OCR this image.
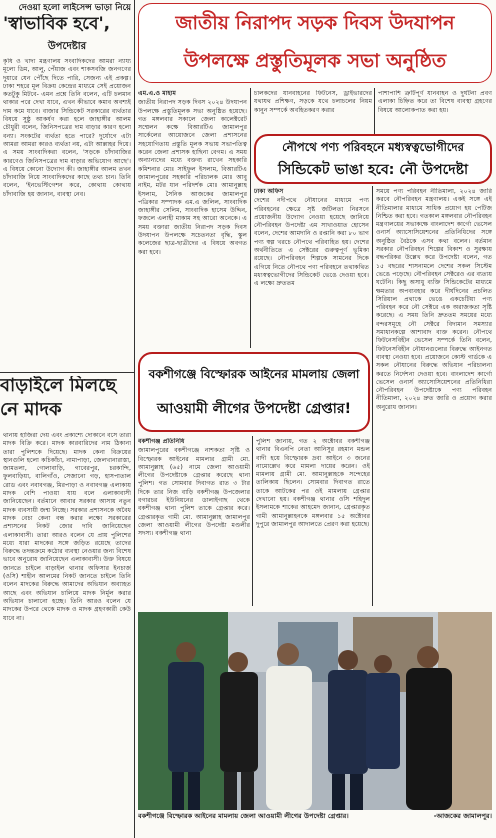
দেওয়া হলো লাইসেন্স ভাড়া নিয়ে
'স্বাভাবিক হবে',
উপদেষ্টার
কৃষি ও খাদ্য মন্ত্রণালয় সংবাদিকদের আমরা ন্যায্য মূল্যে ডিম, আলু, পেঁয়াজ এবং শাকসবজি জনগণের দুয়ারে যেন পৌঁছে দিতে পারি, সেজন্য এই প্রকল্প। ঢাকা শহরে মূল বিক্রয় কেন্দ্রের মাধ্যমে সেই প্রয়োজন কতটুকু মিটবে- এমন প্রশ্নে তিনি বলেন, এটি চলমান থাকার পরে দেখা যাবে, এখন কীভাবে কমাব অবশ্যই দাম কমে যাবে। বাজার সিন্ডিকেট সরকারের ব্যর্থতার বিষয়ে সুষ্ঠু আকর্ষণ করা হলে জাহাঙ্গীর আলম চৌধুরী বলেন, জিনিসপত্রের দাম বাড়ার কারণ হলো বন্যা। সংকটের ব্যর্থতা হতে পারে? দুর্যোগে এটা আমরা আমরা কারও ব্যর্থতা নয়, এটা আল্লাহর দিয়ে। এ সময় সাংবাদিকরা বলেন, 'সড়কে চাঁদাবাজির কারণেও জিনিসপত্রের দাম বাড়ার অভিযোগ আছে'। এ বিষয়ে কোনো উদ্যোগ কী। জাহাঙ্গীর আলম তখন চাঁদাবাজি নিয়ে সাংবাদিকদের কাছে তথ্য চান। তিনি বলেন, 'ইনভেস্টিগেশন করে, কোথায় কোথায় চাঁদাবাজি হয় জানান, ব্যবস্থা নেব।
বাড়াইলে মিলছে
নে মাদক
থানায় হাজিরা দেয় এবং প্রকাশ্যে দোকানে বসে তারা মাদক বিক্রি করে। মাদক কারবারিদের নাম ঠিকানা তারা পুলিশকে দিয়েছে। মাদক কেনা বিক্রয়ের স্থানগুলি হলো কচিকাঁচা, নামাপাড়া, জেলখানারাস্তা, জামতলা, গোলাবাড়ি, গাবেরপুর, চরকান্দি, ফুলবাড়িয়া, বালিগাঁও, সেজানো গড়, হাসপাতাল রোড এবং নবাবগঞ্জ, মিরপাড়া ও নবাবগঞ্জ এলাকায় মাদক বেশি পাওয়া যায় বলে এলাকাবাসী জানিয়েছেন। বর্তমানে আবার সরকার আসায় নতুন মাদক ব্যবসায়ী জন্ম নিচ্ছে। সরকার প্রশাসনকে অবৈধ মাদক বেচা কেনা বন্ধ করার লক্ষ্যে সরকারের প্রশাসনের নিকট জোর দাবি জানিয়েছেন এলাকাবাসী। তারা আরও বলেন যে প্রায় পুলিশের মধ্যে যারা মাদকের সঙ্গে জড়িত রয়েছে তাদের বিরুদ্ধে তদন্তক্রমে কঠোর ব্যবস্থা নেওয়ার জন্য বিশেষ ভাবে অনুরোধ জানিয়েছেন এলাকাবাসী। উক্ত বিষয়ে জানতে চাইলে বাড়াইল থানার অফিসার ইনচার্জ (ওসি) শাহীন আলমের নিকট জানতে চাইলে তিনি বলেন মাদকের বিরুদ্ধে আমাদের অভিযান অব্যাহত আছে এবং অভিযান চালিয়ে মাদক নির্মূল করার অভিযান চালানো হচ্ছে। তিনি আরও বলেন যে মাদকের উপরে থেকে মাদক ও মাদক গ্রহণকারী কেউ যাবে না।
জাতীয় নিরাপদ সড়ক দিবস উদযাপন
উপলক্ষে প্রস্তুতিমূলক সভা অনুষ্ঠিত

এম.এ.ও মাহাম

জাতীয় নিরাপদ সড়ক দিবস ২০২৪ উদযাপন উপলক্ষে প্রস্তুতিমূলক সভা অনুষ্ঠিত হয়েছে। গত মঙ্গলবার সকালে জেলা কালেক্টরেট সম্মেলন কক্ষে বিআরটিএ জামালপুর সার্কেলের আয়োজনে জেলা প্রশাসনের সহযোগিতায় প্রস্তুতি মূলক সভায় সভাপতিত্ব করেন জেলা প্রশাসক হাছিনা বেগম। এ সময় অন্যান্যদের মধ্যে বক্তব্য রাখেন সহকারি কমিশনার মোঃ সাইফুল ইসলাম, বিআরটিএ জামালপুরের সহকারি পরিচালক মোঃ আবু নাইম, মটর যান পরিদর্শক মোঃ আমানুল্লাহ ইসলাম, সৈনিক আজকের জামালপুর পত্রিকার সম্পাদক এম.এ জলিল, সাংবাদিক জাহাঙ্গীর সেলিম, সাংবাদিক হাসেম উদ্দিন, ফজলে এলাহী মাকাম সহ আরো অনেকে। এ সময় বক্তারা জাতীয় নিরাপদ সড়ক দিবস উদযাপন উপলক্ষে সচেতনতা বৃদ্ধি, স্কুল কলেজের ছাত্র-ছাত্রীদের এ বিষয়ে অবগত করা হবে।

চালকদের যানবাহনের ফিটনেস, ড্রাইভারদের যথাযথ প্রশিক্ষণ, সড়কে যথে চলাচলের নিয়ম কানুন সম্পর্কে অবহিতকরণ করার
পাশাপাশি ত্রুটিপূর্ণ যানবাহন ও দুর্ঘটনা প্রবণ এলাকা চিহ্নিত করে তা বিশেষ ব্যবস্থা গ্রহণের বিষয়ে আলোকপাত করা হয়।
নৌপথে পণ্য পরিবহনে মধ্যস্বত্বভোগীদের
সিন্ডিকেট ভাঙা হবে: নৌ উপদেষ্টা

ঢাকা অফিস

দেশের নদীপথে নৌযানের মাধ্যমে পণ্য পরিবহনের ক্ষেত্রে সৃষ্ট জটিলতা নিরসনে প্রয়োজনীয় উদ্যোগ নেওয়া হয়েছে জানিয়ে নৌপরিবহন উপদেষ্টা এম সাখাওয়াত হোসেন বলেন, দেশের আমদানি ও রপ্তানি করা ৮০ ভাগ পণ্য স্বল্প খরচে নৌপথে পরিবাহিত হয়। দেশের অর্থনীতিতে এ সেক্টরের গুরুত্বপূর্ণ ভূমিকা রয়েছে। নৌপরিবহন শিল্পকে সামনের দিকে এগিয়ে নিতে নৌপথে পণ্য পরিবহনে তথাকথিত মধ্যস্বত্বভোগীদের সিন্ডিকেট ভেঙে দেওয়া হবে। এ লক্ষ্যে দ্রুততম

সময়ে পণ্য পরিবহন নীতিমালা, ২০২৪ জারি করবে নৌপরিবহন মন্ত্রণালয়। একই সঙ্গে এই নীতিমালার মাধ্যমে সাধিক প্রয়োগ হয় পেটিজ নিশ্চিত করা হবে। গতকাল মঙ্গলবার নৌপরিবহন মন্ত্রণালয়ের সভাকক্ষে বাংলাদেশ কার্গো ভেসেল ওনার্স অ্যাসোসিয়েশনের প্রতিনিধিদের সঙ্গে অনুষ্ঠিত বৈঠকে এসব কথা বলেন। বর্তমান সরকার নৌপরিবহন শিল্পের বিকাশ ও সুরক্ষায় বদ্ধপরিকর উল্লেখ করে উপদেষ্টা বলেন, গত ১৫ বছরের শাসনামলে দেশের সকল সিস্টেম ভেঙে পড়েছে। নৌপরিবহন সেক্টরেও এর ব্যত্যয় ঘটেনি। কিছু অসাধু ব্যক্তি সিন্ডিকেটের মাধ্যমে ক্ষমতার অপব্যবহার করে দীর্ঘদিনের প্রচলিত সিরিয়াল প্রথাকে ভেঙে একচেটিয়া পণ্য পরিবহন করে নৌ সেক্টরে এক অরাজকতা সৃষ্টি করেছে। এ সময় তিনি দ্রুততম সময়ের মধ্যে বন্দরসমূহে নৌ সেক্টরে বিদ্যমান সমস্যার সমাধানকল্পে আশাবাদ ব্যক্ত করেন। নৌপথে ফিটনেসবিহীন ভেসেল সম্পর্কে তিনি বলেন, ফিটনেসবিহীন নৌযানগুলোর বিরুদ্ধে আইনগত ব্যবস্থা নেওয়া হবে। প্রয়োজনে কোস্ট গার্ডকে এ সকল নৌযানের বিরুদ্ধে অভিযান পরিচালনা করতে নির্দেশনা দেওয়া হবে। বাংলাদেশ কার্গো ভেসেল ওনার্স অ্যাসোসিয়েশনের প্রতিনিধিরা নৌপরিবহন উপদেষ্টাকে পণ্য পরিবহন নীতিমালা, ২০২৪ দ্রুত জারি ও প্রয়োগ করার অনুরোধ জানান।
বকশীগঞ্জে বিস্ফোরক আইনের মামলায় জেলা
আওয়ামী লীগের উপদেষ্টা গ্রেপ্তার!

বকশীগঞ্জ প্রতিনিধি

জামালপুরের বকশীগঞ্জে নাশকতা সৃষ্টি ও বিস্ফোরক আইনের মামলার গ্রামী মো. আমানুল্লাহ (৬৫) নামে জেলা আওয়ামী লীগের উপদেষ্টাকে গ্রেপ্তার করেছে থানা পুলিশ। গত সোমবার দিবাগত রাত ৩ টার দিকে তার নিজ বাড়ি বকশীগঞ্জ উপজেলার বগারচর ইউনিয়নের ডালাইগাছ থেকে বকশীগঞ্জ থানা পুলিশ তাকে গ্রেপ্তার করে। গ্রেপ্তারকৃত গামী মো. আমানুল্লাহ জামালপুর জেলা আওয়ামী লীগের উপদেষ্টা মণ্ডলীর সদস্য। বকশীগঞ্জ থানা

পুলিশ জানায়, গত ২ অক্টোবর বকশীগঞ্জ থানার বিএনপি নেতা আনিসুর রহমান মন্ডল বাদী হয়ে বিস্ফোরক দ্রব্য আইনে ৩ জনের নামোল্লেখ করে মামলা দায়ের করেন। ওই মামলায় গ্রামী মো. আমানুল্লাহকে সন্দেহের তালিকায় ছিলেন। সোমবার দিবাগত রাতে তাকে আটকের পর ওই মামলায় গ্রেপ্তার দেখানো হয়। বকশীগঞ্জ থানার ওসি শহিদুল ইসলামকে শাকের আহমেদ জানান, গ্রেপ্তারকৃত গামী আমানুল্লাহনকে মঙ্গলবার ১৫ অক্টোবর দুপুরে জামালপুর আদালতে প্রেরণ করা হয়েছে।
বকশীগঞ্জে বিস্ফোরক আইনের মামলায় জেলা আওয়ামী লীগের উপদেষ্টা গ্রেপ্তার।	-আজকের জামালপুর।
